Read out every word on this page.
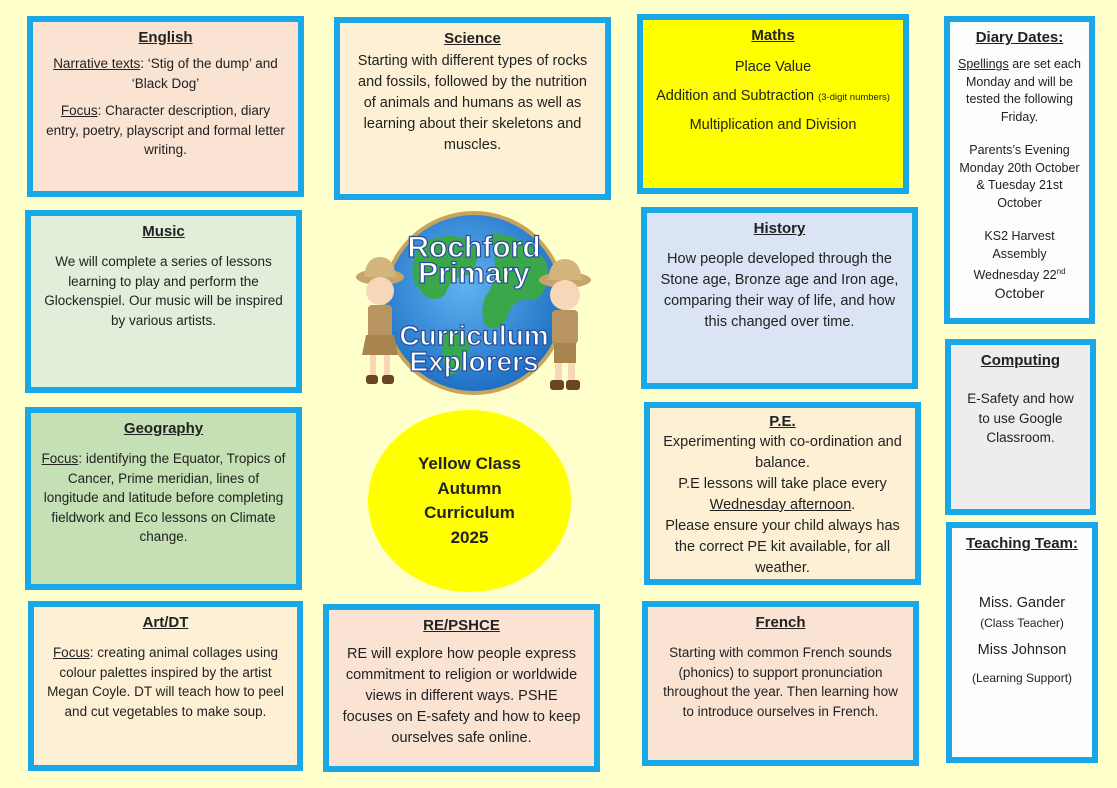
English

Narrative texts: ‘Stig of the dump’ and ‘Black Dog’

Focus: Character description, diary entry, poetry, playscript and formal letter writing.

Science

Starting with different types of rocks and fossils, followed by the nutrition of animals and humans as well as learning about their skeletons and muscles.

Maths

Place Value

Addition and Subtraction (3-digit numbers)

Multiplication and Division

Diary Dates:

Spellings are set each Monday and will be tested the following Friday.

Parents’s Evening Monday 20th October & Tuesday 21st October

KS2 Harvest Assembly Wednesday 22nd
October

Music

We will complete a series of lessons learning to play and perform the Glockenspiel. Our music will be inspired by various artists.

Rochford
Primary
Curriculum
Explorers
History

How people developed through the Stone age, Bronze age and Iron age, comparing their way of life, and how this changed over time.

Computing

E-Safety and how to use Google Classroom.

Geography

Focus: identifying the Equator, Tropics of Cancer, Prime meridian, lines of longitude and latitude before completing fieldwork and Eco lessons on Climate change.

Yellow Class
Autumn
Curriculum
2025
P.E.

Experimenting with co-ordination and balance.

P.E lessons will take place every Wednesday afternoon.

Please ensure your child always has the correct PE kit available, for all weather.

Teaching Team:

Miss. Gander

(Class Teacher)

Miss Johnson

(Learning Support)

Art/DT

Focus: creating animal collages using colour palettes inspired by the artist Megan Coyle. DT will teach how to peel and cut vegetables to make soup.

RE/PSHCE

RE will explore how people express commitment to religion or worldwide views in different ways. PSHE focuses on E-safety and how to keep ourselves safe online.

French

Starting with common French sounds (phonics) to support pronunciation throughout the year. Then learning how to introduce ourselves in French.
